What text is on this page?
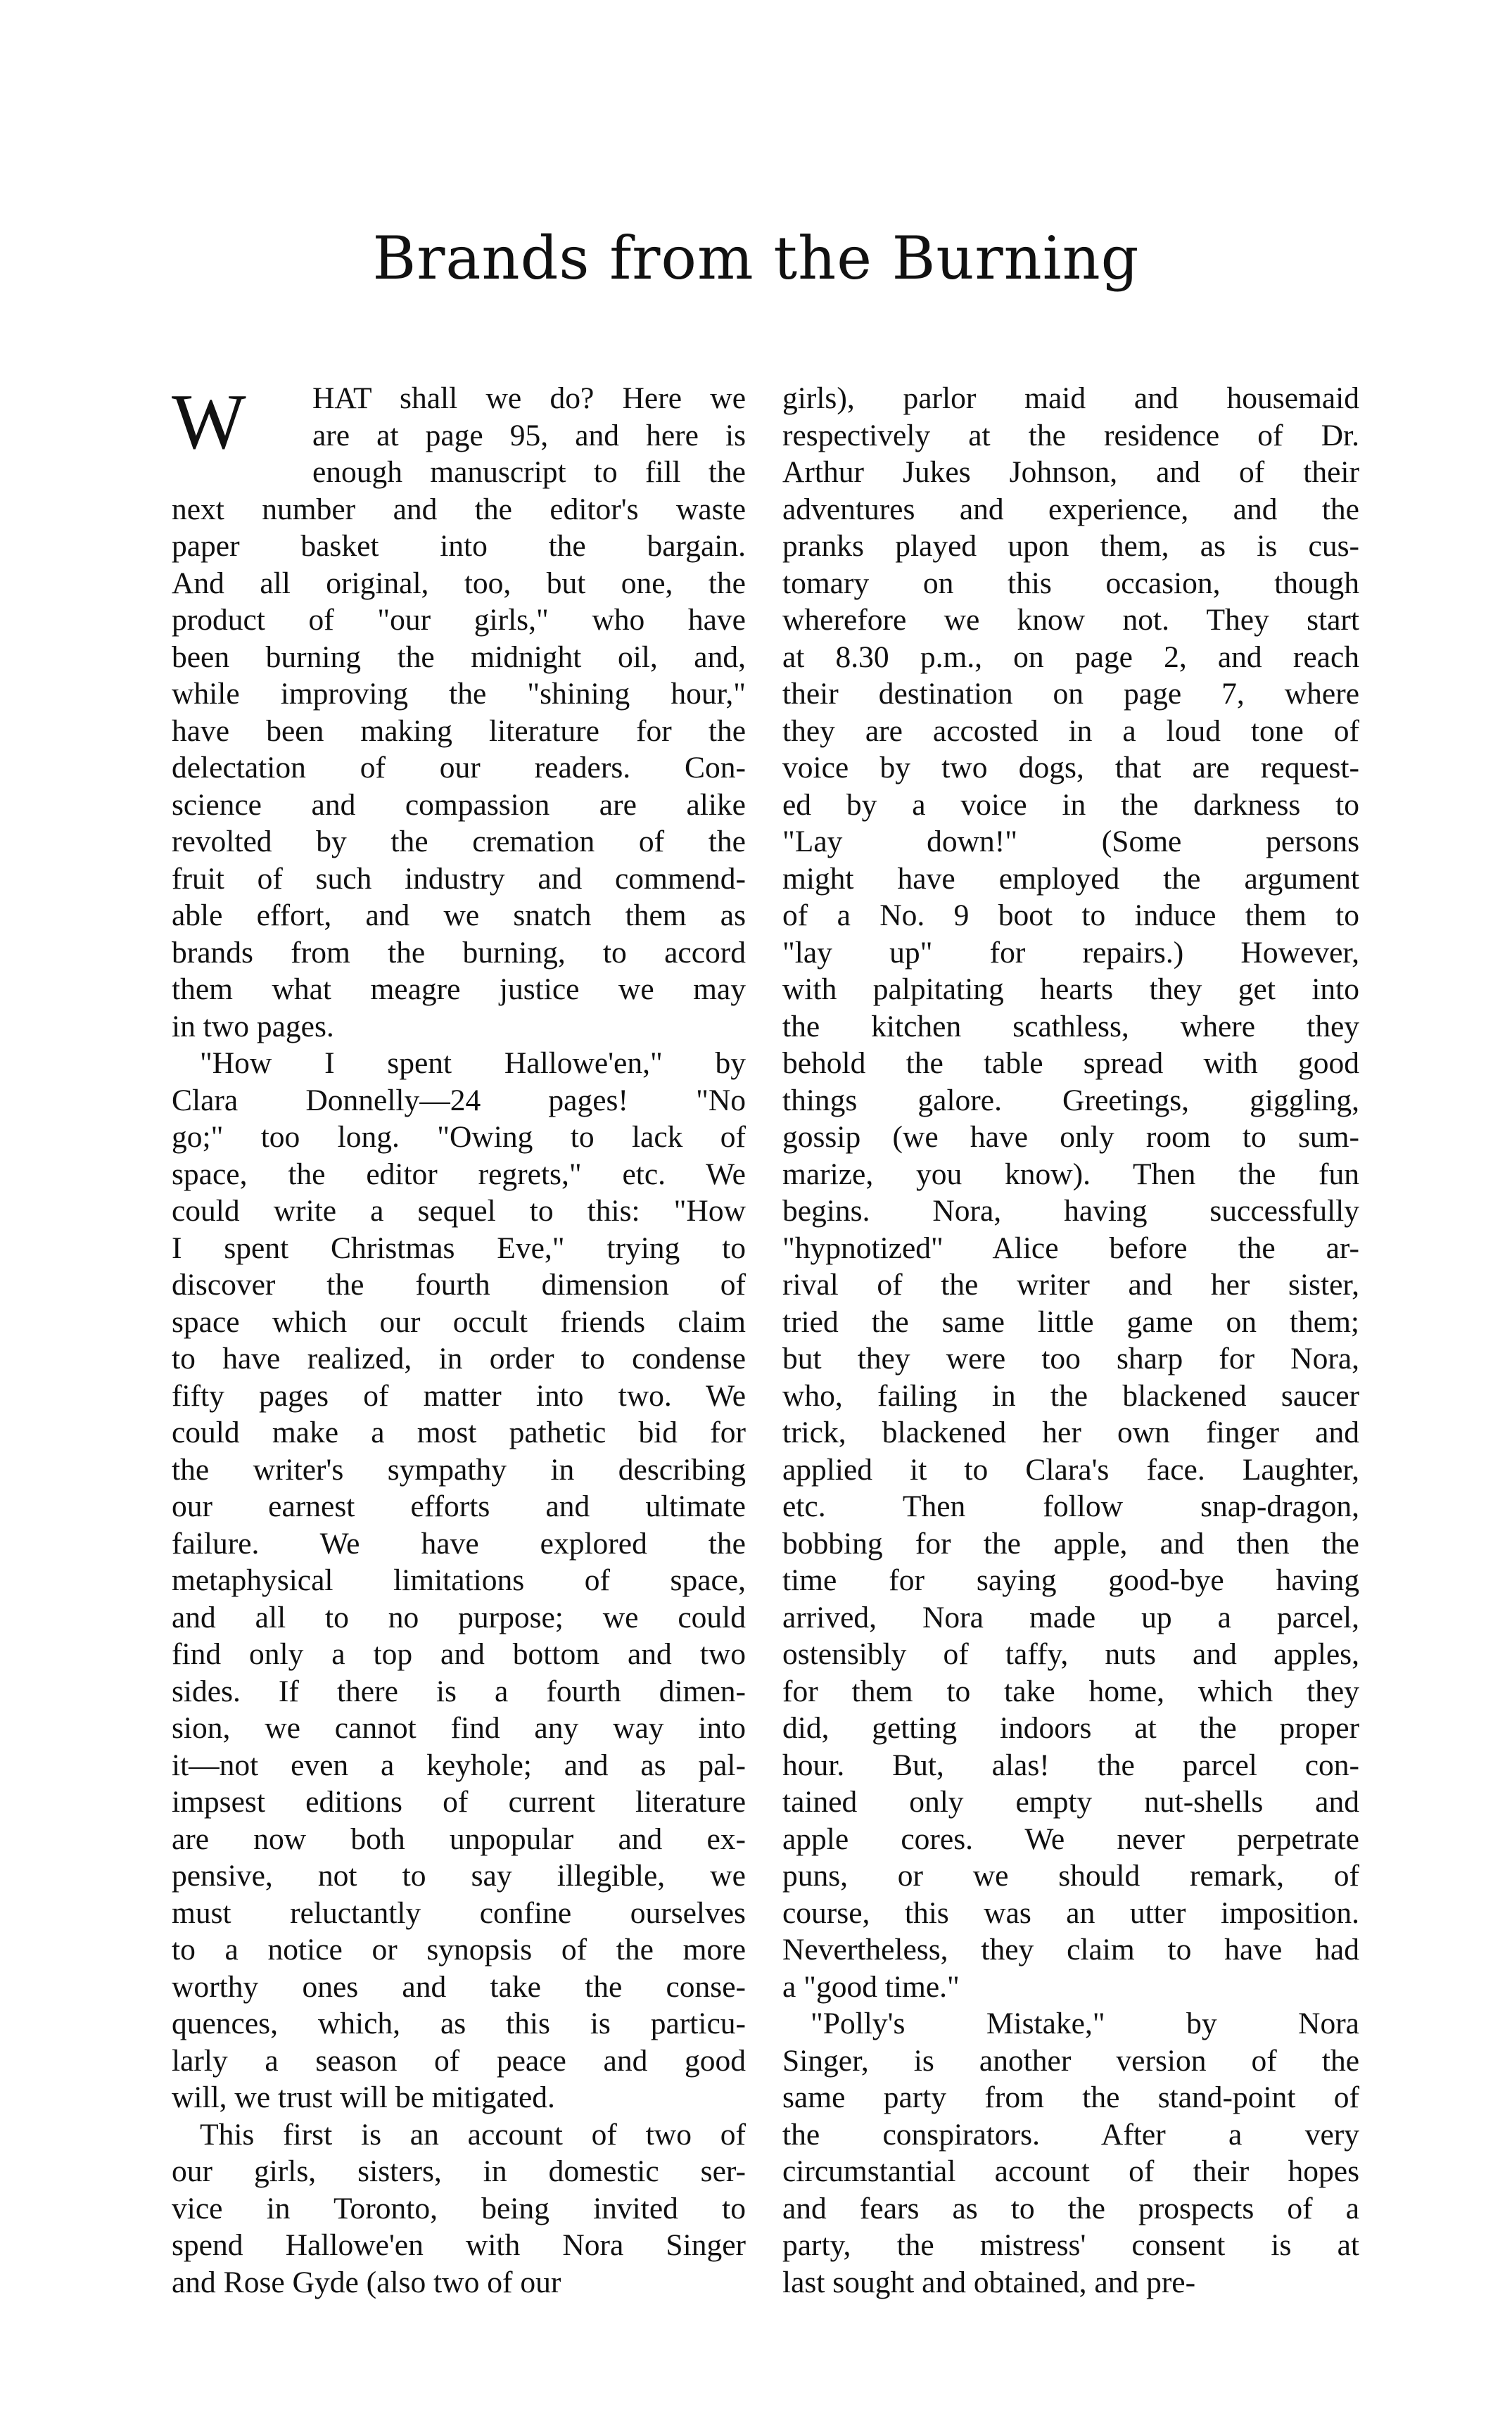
Brands from the Burning
W	HAT shall we do? Here we
are at page 95, and here is
enough manuscript to fill the
next number and the editor's waste
paper basket into the bargain.
And all original, too, but one, the
product of "our girls," who have
been burning the midnight oil, and,
while improving the "shining hour,"
have been making literature for the
delectation of our readers. Con-
science and compassion are alike
revolted by the cremation of the
fruit of such industry and commend-
able effort, and we snatch them as
brands from the burning, to accord
them what meagre justice we may
in two pages.
"How I spent Hallowe'en," by
Clara Donnelly—24 pages! "No
go;" too long. "Owing to lack of
space, the editor regrets," etc. We
could write a sequel to this: "How
I spent Christmas Eve," trying to
discover the fourth dimension of
space which our occult friends claim
to have realized, in order to condense
fifty pages of matter into two. We
could make a most pathetic bid for
the writer's sympathy in describing
our earnest efforts and ultimate
failure. We have explored the
metaphysical limitations of space,
and all to no purpose; we could
find only a top and bottom and two
sides. If there is a fourth dimen-
sion, we cannot find any way into
it—not even a keyhole; and as pal-
impsest editions of current literature
are now both unpopular and ex-
pensive, not to say illegible, we
must reluctantly confine ourselves
to a notice or synopsis of the more
worthy ones and take the conse-
quences, which, as this is particu-
larly a season of peace and good
will, we trust will be mitigated.
This first is an account of two of
our girls, sisters, in domestic ser-
vice in Toronto, being invited to
spend Hallowe'en with Nora Singer
and Rose Gyde (also two of our
girls), parlor maid and housemaid
respectively at the residence of Dr.
Arthur Jukes Johnson, and of their
adventures and experience, and the
pranks played upon them, as is cus-
tomary on this occasion, though
wherefore we know not. They start
at 8.30 p.m., on page 2, and reach
their destination on page 7, where
they are accosted in a loud tone of
voice by two dogs, that are request-
ed by a voice in the darkness to
"Lay down!" (Some persons
might have employed the argument
of a No. 9 boot to induce them to
"lay up" for repairs.) However,
with palpitating hearts they get into
the kitchen scathless, where they
behold the table spread with good
things galore. Greetings, giggling,
gossip (we have only room to sum-
marize, you know). Then the fun
begins. Nora, having successfully
"hypnotized" Alice before the ar-
rival of the writer and her sister,
tried the same little game on them;
but they were too sharp for Nora,
who, failing in the blackened saucer
trick, blackened her own finger and
applied it to Clara's face. Laughter,
etc. Then follow snap-dragon,
bobbing for the apple, and then the
time for saying good-bye having
arrived, Nora made up a parcel,
ostensibly of taffy, nuts and apples,
for them to take home, which they
did, getting indoors at the proper
hour. But, alas! the parcel con-
tained only empty nut-shells and
apple cores. We never perpetrate
puns, or we should remark, of
course, this was an utter imposition.
Nevertheless, they claim to have had
a "good time."
"Polly's Mistake," by Nora
Singer, is another version of the
same party from the stand-point of
the conspirators. After a very
circumstantial account of their hopes
and fears as to the prospects of a
party, the mistress' consent is at
last sought and obtained, and pre-
